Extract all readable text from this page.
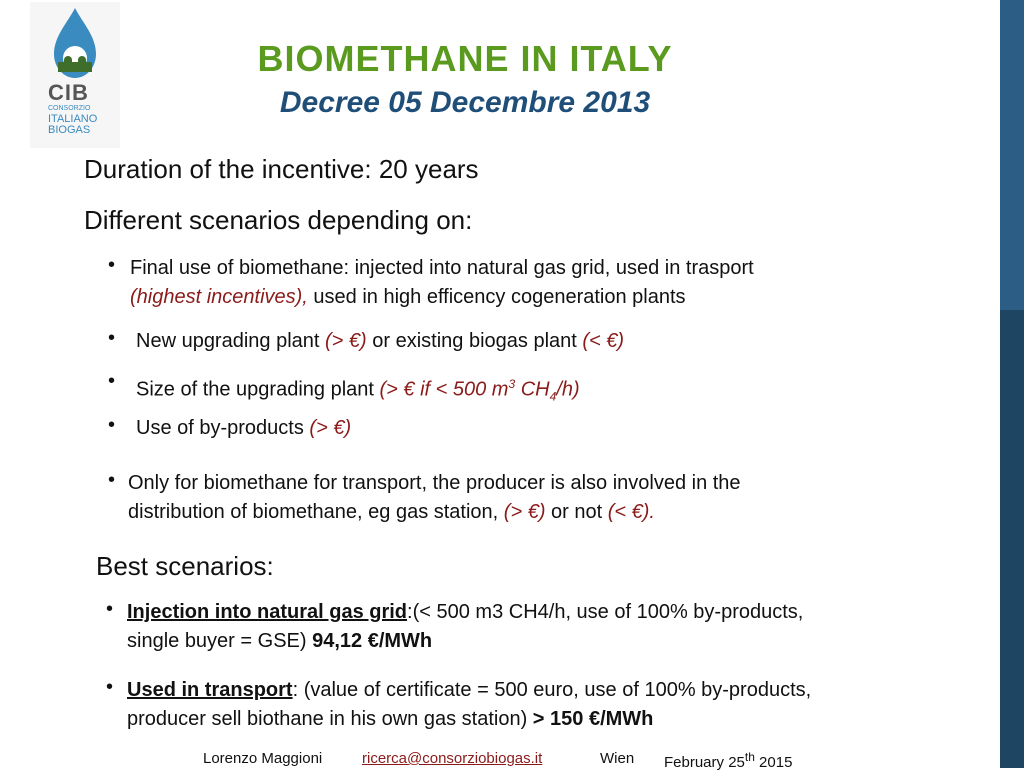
CIB
CONSORZIO
ITALIANO
BIOGAS
BIOMETHANE IN ITALY
Decree 05 Decembre 2013
Duration of the incentive: 20 years
Different scenarios depending on:
• Final use of biomethane: injected into natural gas grid, used in trasport
(highest incentives), used in high efficency cogeneration plants
• New upgrading plant (> €) or existing biogas plant (< €)
• Size of the upgrading plant (> € if < 500 $m^3$ $CH_4/h$)
• Use of by-products (> €)
• Only for biomethane for transport, the producer is also involved in the
distribution of biomethane, eg gas station, (> €) or not (< €).
Best scenarios:
• Injection into natural gas grid:(< 500 m3 CH4/h, use of 100% by-products,
single buyer = GSE) 94,12 €/MWh
• Used in transport: (value of certificate = 500 euro, use of 100% by-products,
producer sell biothane in his own gas station) > 150 €/MWh
Lorenzo Maggioni	ricerca@consorziobiogas.it	Wien February 25th 2015
